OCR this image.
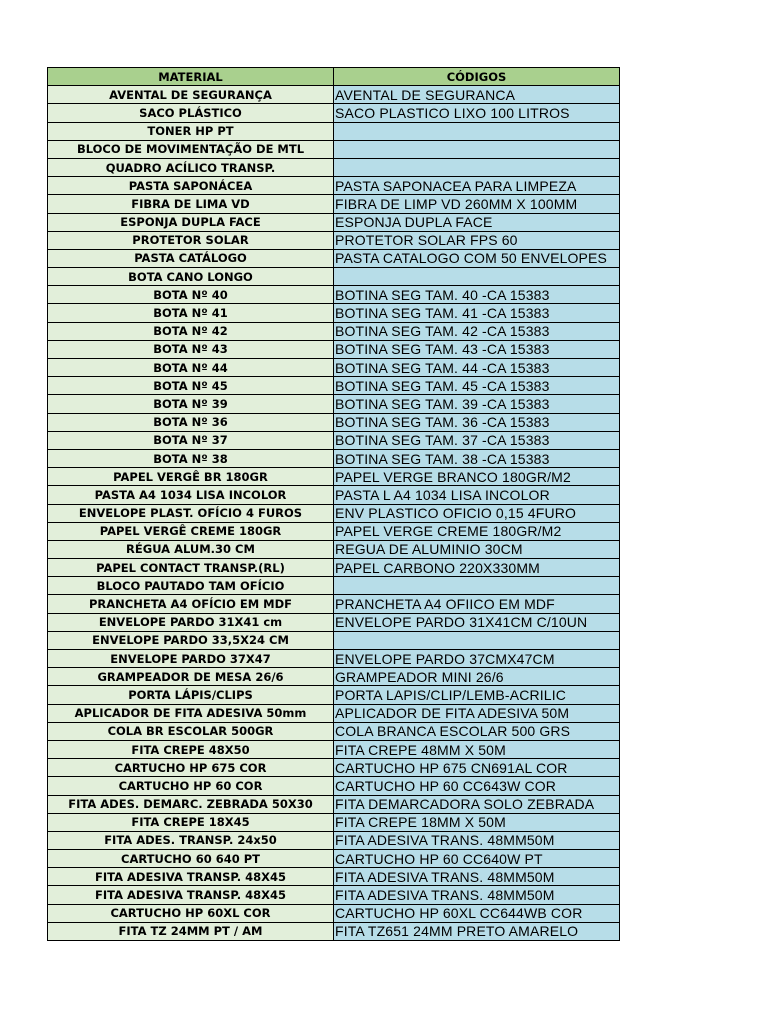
MATERIAL	CÓDIGOS
AVENTAL DE SEGURANÇA	AVENTAL DE SEGURANCA
SACO PLÁSTICO	SACO PLASTICO LIXO 100 LITROS
TONER HP PT	
BLOCO DE MOVIMENTAÇÃO DE MTL	
QUADRO ACÍLICO TRANSP.	
PASTA SAPONÁCEA	PASTA SAPONACEA PARA LIMPEZA
FIBRA DE LIMA VD	FIBRA DE LIMP VD 260MM X 100MM
ESPONJA DUPLA FACE	ESPONJA DUPLA FACE
PROTETOR SOLAR	PROTETOR SOLAR FPS 60
PASTA CATÁLOGO	PASTA CATALOGO COM 50 ENVELOPES
BOTA CANO LONGO	
BOTA Nº 40	BOTINA SEG TAM. 40 -CA 15383
BOTA Nº 41	BOTINA SEG TAM. 41 -CA 15383
BOTA Nº 42	BOTINA SEG TAM. 42 -CA 15383
BOTA Nº 43	BOTINA SEG TAM. 43 -CA 15383
BOTA Nº 44	BOTINA SEG TAM. 44 -CA 15383
BOTA Nº 45	BOTINA SEG TAM. 45 -CA 15383
BOTA Nº 39	BOTINA SEG TAM. 39 -CA 15383
BOTA Nº 36	BOTINA SEG TAM. 36 -CA 15383
BOTA Nº 37	BOTINA SEG TAM. 37 -CA 15383
BOTA Nº 38	BOTINA SEG TAM. 38 -CA 15383
PAPEL VERGÊ BR 180GR	PAPEL VERGE BRANCO 180GR/M2
PASTA A4 1034 LISA INCOLOR	PASTA L A4 1034 LISA INCOLOR
ENVELOPE PLAST. OFÍCIO 4 FUROS	ENV PLASTICO OFICIO 0,15 4FURO
PAPEL VERGÊ CREME 180GR	PAPEL VERGE CREME 180GR/M2
RÉGUA ALUM.30 CM	REGUA DE ALUMINIO 30CM
PAPEL CONTACT TRANSP.(RL)	PAPEL CARBONO 220X330MM
BLOCO PAUTADO TAM OFÍCIO	
PRANCHETA A4 OFÍCIO EM MDF	PRANCHETA A4 OFIICO EM MDF
ENVELOPE PARDO 31X41 cm	ENVELOPE PARDO 31X41CM C/10UN
ENVELOPE PARDO 33,5X24 CM	
ENVELOPE PARDO 37X47	ENVELOPE PARDO 37CMX47CM
GRAMPEADOR DE MESA 26/6	GRAMPEADOR MINI 26/6
PORTA LÁPIS/CLIPS	PORTA LAPIS/CLIP/LEMB-ACRILIC
APLICADOR DE FITA ADESIVA 50mm	APLICADOR DE FITA ADESIVA 50M
COLA BR ESCOLAR 500GR	COLA BRANCA ESCOLAR 500 GRS
FITA CREPE 48X50	FITA CREPE 48MM X 50M
CARTUCHO HP 675 COR	CARTUCHO HP 675 CN691AL COR
CARTUCHO HP 60 COR	CARTUCHO HP 60 CC643W COR
FITA ADES. DEMARC. ZEBRADA 50X30	FITA DEMARCADORA SOLO ZEBRADA
FITA CREPE 18X45	FITA CREPE 18MM X 50M
FITA ADES. TRANSP. 24x50	FITA ADESIVA TRANS. 48MM50M
CARTUCHO 60 640 PT	CARTUCHO HP 60 CC640W PT
FITA ADESIVA TRANSP. 48X45	FITA ADESIVA TRANS. 48MM50M
FITA ADESIVA TRANSP. 48X45	FITA ADESIVA TRANS. 48MM50M
CARTUCHO HP 60XL COR	CARTUCHO HP 60XL CC644WB COR
FITA TZ 24MM PT / AM	FITA TZ651 24MM PRETO AMARELO
